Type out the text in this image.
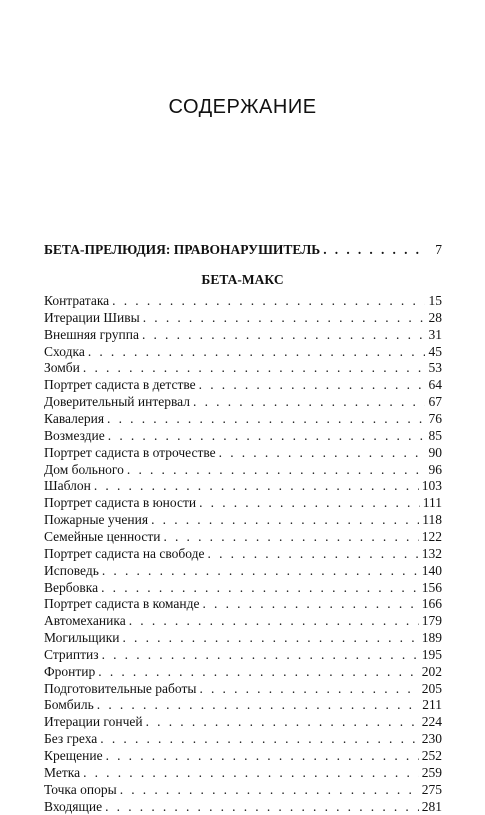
СОДЕРЖАНИЕ
БЕТА-ПРЕЛЮДИЯ: ПРАВОНАРУШИТЕЛЬ . . .	7
БЕТА-МАКС
Контратака . . .	15
Итерации Шивы . . .	28
Внешняя группа . . .	31
Сходка . . .	45
Зомби . . .	53
Портрет садиста в детстве . . .	64
Доверительный интервал . . .	67
Кавалерия . . .	76
Возмездие . . .	85
Портрет садиста в отрочестве . . .	90
Дом больного . . .	96
Шаблон . . .	103
Портрет садиста в юности . . .	111
Пожарные учения . . .	118
Семейные ценности . . .	122
Портрет садиста на свободе . . .	132
Исповедь . . .	140
Вербовка . . .	156
Портрет садиста в команде . . .	166
Автомеханика . . .	179
Могильщики . . .	189
Стриптиз . . .	195
Фронтир . . .	202
Подготовительные работы . . .	205
Бомбиль . . .	211
Итерации гончей . . .	224
Без греха . . .	230
Крещение . . .	252
Метка . . .	259
Точка опоры . . .	275
Входящие . . .	281
